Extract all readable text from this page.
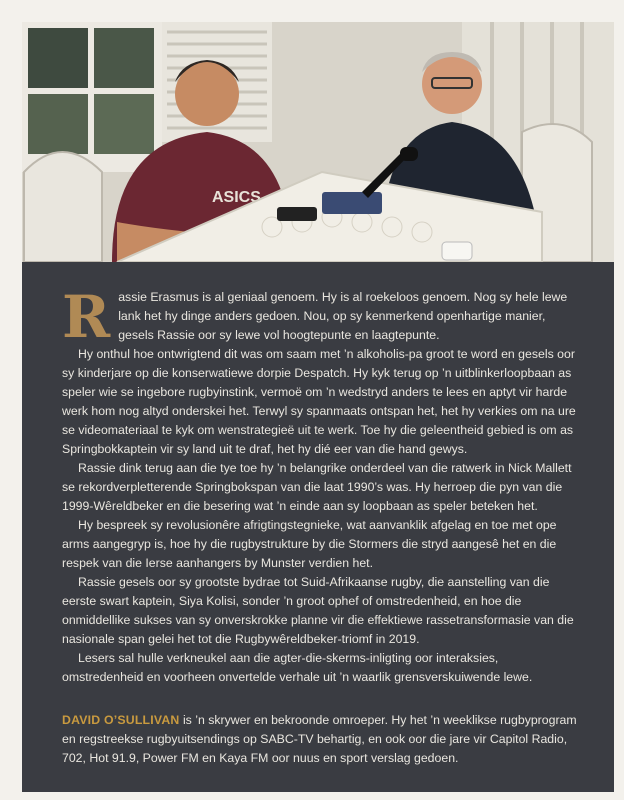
ASICS

Rassie Erasmus is al geniaal genoem. Hy is al roekeloos genoem. Nog sy hele lewe lank het hy dinge anders gedoen. Nou, op sy kenmerkend openhartige manier, gesels Rassie oor sy lewe vol hoogtepunte en laagtepunte.

Hy onthul hoe ontwrigtend dit was om saam met ’n alkoholis-pa groot te word en gesels oor sy kinderjare op die konserwatiewe dorpie Despatch. Hy kyk terug op ’n uitblinkerloopbaan as speler wie se ingebore rugbyinstink, vermoë om ’n wedstryd anders te lees en aptyt vir harde werk hom nog altyd onderskei het. Terwyl sy spanmaats ontspan het, het hy verkies om na ure se videomateriaal te kyk om wenstrategieë uit te werk. Toe hy die geleentheid gebied is om as Springbokkaptein vir sy land uit te draf, het hy dié eer van die hand gewys.

Rassie dink terug aan die tye toe hy ’n belangrike onderdeel van die ratwerk in Nick Mallett se rekordverpletterende Springbokspan van die laat 1990’s was. Hy herroep die pyn van die 1999-Wêreldbeker en die besering wat ’n einde aan sy loopbaan as speler beteken het.

Hy bespreek sy revolusionêre afrigtingstegnieke, wat aanvanklik afgelag en toe met ope arms aangegryp is, hoe hy die rugbystrukture by die Stormers die stryd aangesê het en die respek van die Ierse aanhangers by Munster verdien het.

Rassie gesels oor sy grootste bydrae tot Suid-Afrikaanse rugby, die aanstelling van die eerste swart kaptein, Siya Kolisi, sonder ’n groot ophef of omstredenheid, en hoe die onmiddellike sukses van sy onverskrokke planne vir die effektiewe rassetransformasie van die nasionale span gelei het tot die Rugbywêreldbeker-triomf in 2019.

Lesers sal hulle verkneukel aan die agter-die-skerms-inligting oor interaksies, omstredenheid en voorheen onvertelde verhale uit ’n waarlik grensverskuiwende lewe.

DAVID O’SULLIVAN is ’n skrywer en bekroonde omroeper. Hy het ’n weeklikse rugbyprogram en regstreekse rugbyuitsendings op SABC-TV behartig, en ook oor die jare vir Capitol Radio, 702, Hot 91.9, Power FM en Kaya FM oor nuus en sport verslag gedoen.
